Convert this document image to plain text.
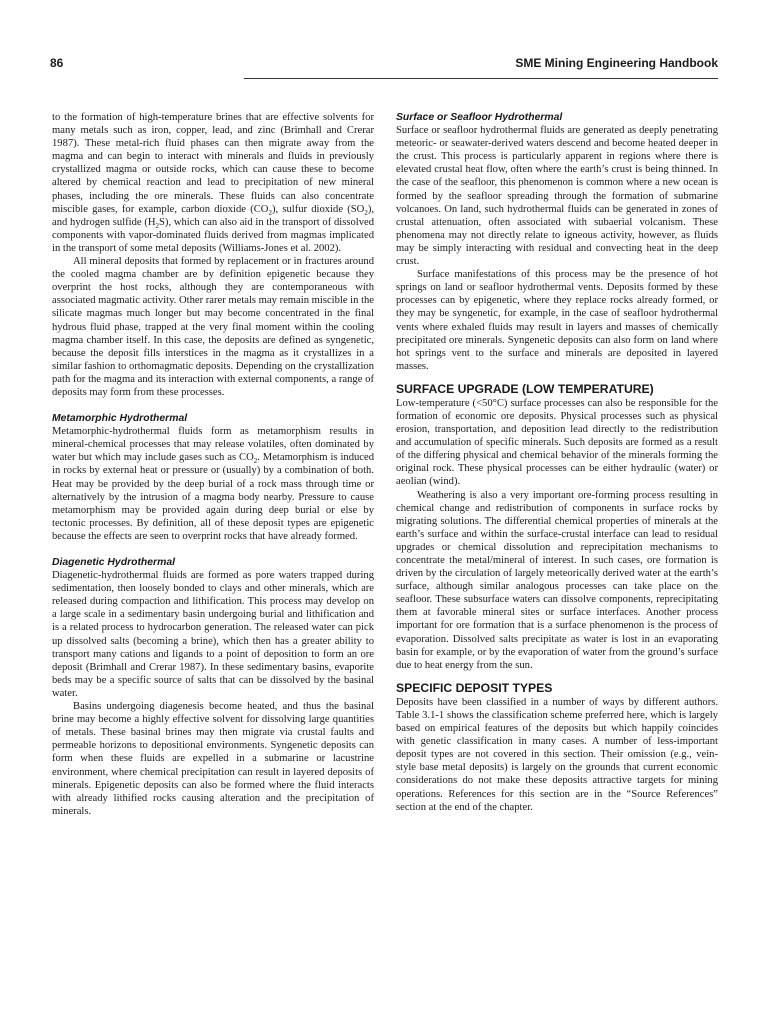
86	SME Mining Engineering Handbook

to the formation of high-temperature brines that are effective solvents for many metals such as iron, copper, lead, and zinc (Brimhall and Crerar 1987). These metal-rich fluid phases can then migrate away from the magma and can begin to interact with minerals and fluids in previously crystallized magma or outside rocks, which can cause these to become altered by chemical reaction and lead to precipitation of new mineral phases, including the ore minerals. These fluids can also concentrate miscible gases, for example, carbon dioxide $(CO_2)$, sulfur dioxide $(SO_2)$, and hydrogen sulfide $(H_2S)$, which can also aid in the transport of dissolved components with vapor-dominated fluids derived from magmas implicated in the transport of some metal deposits (Williams-Jones et al. 2002).

All mineral deposits that formed by replacement or in fractures around the cooled magma chamber are by definition epigenetic because they overprint the host rocks, although they are contemporaneous with associated magmatic activity. Other rarer metals may remain miscible in the silicate magmas much longer but may become concentrated in the final hydrous fluid phase, trapped at the very final moment within the cooling magma chamber itself. In this case, the deposits are defined as syngenetic, because the deposit fills interstices in the magma as it crystallizes in a similar fashion to orthomagmatic deposits. Depending on the crystallization path for the magma and its interaction with external components, a range of deposits may form from these processes.

Metamorphic Hydrothermal

Metamorphic-hydrothermal fluids form as metamorphism results in mineral-chemical processes that may release volatiles, often dominated by water but which may include gases such as $CO_2$. Metamorphism is induced in rocks by external heat or pressure or (usually) by a combination of both. Heat may be provided by the deep burial of a rock mass through time or alternatively by the intrusion of a magma body nearby. Pressure to cause metamorphism may be provided again during deep burial or else by tectonic processes. By definition, all of these deposit types are epigenetic because the effects are seen to overprint rocks that have already formed.

Diagenetic Hydrothermal

Diagenetic-hydrothermal fluids are formed as pore waters trapped during sedimentation, then loosely bonded to clays and other minerals, which are released during compaction and lithification. This process may develop on a large scale in a sedimentary basin undergoing burial and lithification and is a related process to hydrocarbon generation. The released water can pick up dissolved salts (becoming a brine), which then has a greater ability to transport many cations and ligands to a point of deposition to form an ore deposit (Brimhall and Crerar 1987). In these sedimentary basins, evaporite beds may be a specific source of salts that can be dissolved by the basinal water.

Basins undergoing diagenesis become heated, and thus the basinal brine may become a highly effective solvent for dissolving large quantities of metals. These basinal brines may then migrate via crustal faults and permeable horizons to depositional environments. Syngenetic deposits can form when these fluids are expelled in a submarine or lacustrine environment, where chemical precipitation can result in layered deposits of minerals. Epigenetic deposits can also be formed where the fluid interacts with already lithified rocks causing alteration and the precipitation of minerals.

Surface or Seafloor Hydrothermal

Surface or seafloor hydrothermal fluids are generated as deeply penetrating meteoric- or seawater-derived waters descend and become heated deeper in the crust. This process is particularly apparent in regions where there is elevated crustal heat flow, often where the earth’s crust is being thinned. In the case of the seafloor, this phenomenon is common where a new ocean is formed by the seafloor spreading through the formation of submarine volcanoes. On land, such hydrothermal fluids can be generated in zones of crustal attenuation, often associated with subaerial volcanism. These phenomena may not directly relate to igneous activity, however, as fluids may be simply interacting with residual and convecting heat in the deep crust.

Surface manifestations of this process may be the presence of hot springs on land or seafloor hydrothermal vents. Deposits formed by these processes can by epigenetic, where they replace rocks already formed, or they may be syngenetic, for example, in the case of seafloor hydrothermal vents where exhaled fluids may result in layers and masses of chemically precipitated ore minerals. Syngenetic deposits can also form on land where hot springs vent to the surface and minerals are deposited in layered masses.

SURFACE UPGRADE (LOW TEMPERATURE)

Low-temperature (<50°C) surface processes can also be responsible for the formation of economic ore deposits. Physical processes such as physical erosion, transportation, and deposition lead directly to the redistribution and accumulation of specific minerals. Such deposits are formed as a result of the differing physical and chemical behavior of the minerals forming the original rock. These physical processes can be either hydraulic (water) or aeolian (wind).

Weathering is also a very important ore-forming process resulting in chemical change and redistribution of components in surface rocks by migrating solutions. The differential chemical properties of minerals at the earth’s surface and within the surface-crustal interface can lead to residual upgrades or chemical dissolution and reprecipitation mechanisms to concentrate the metal/mineral of interest. In such cases, ore formation is driven by the circulation of largely meteorically derived water at the earth’s surface, although similar analogous processes can take place on the seafloor. These subsurface waters can dissolve components, reprecipitating them at favorable mineral sites or surface interfaces. Another process important for ore formation that is a surface phenomenon is the process of evaporation. Dissolved salts precipitate as water is lost in an evaporating basin for example, or by the evaporation of water from the ground’s surface due to heat energy from the sun.

SPECIFIC DEPOSIT TYPES

Deposits have been classified in a number of ways by different authors. Table 3.1-1 shows the classification scheme preferred here, which is largely based on empirical features of the deposits but which happily coincides with genetic classification in many cases. A number of less-important deposit types are not covered in this section. Their omission (e.g., vein-style base metal deposits) is largely on the grounds that current economic considerations do not make these deposits attractive targets for mining operations. References for this section are in the “Source References” section at the end of the chapter.
